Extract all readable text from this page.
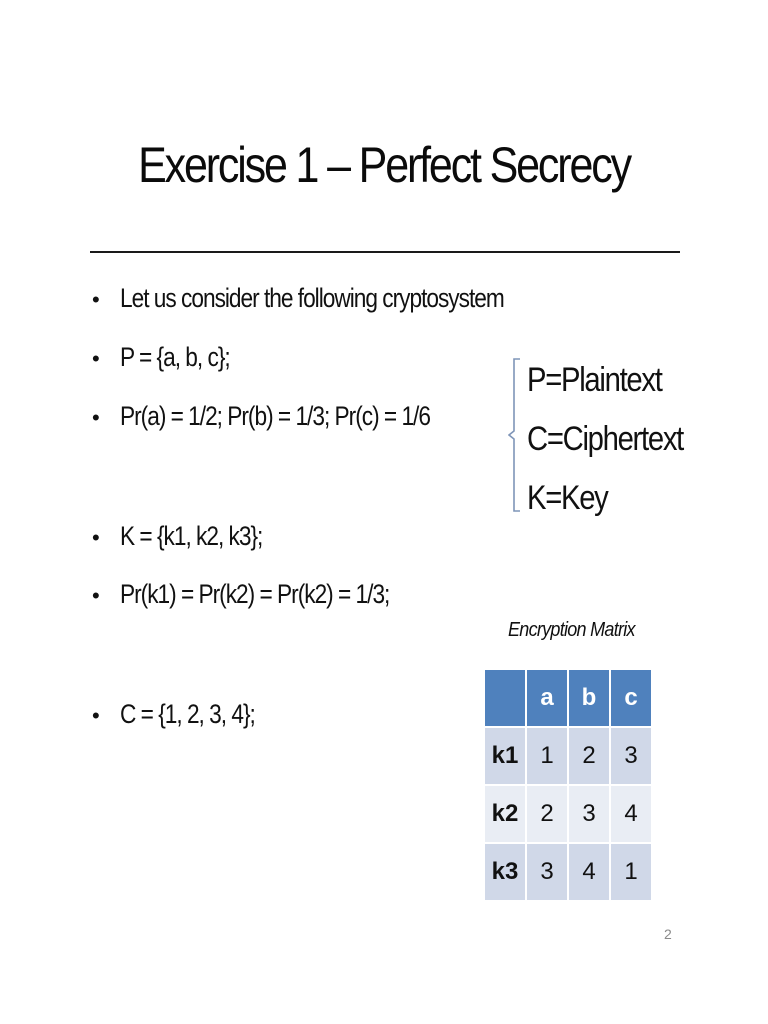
Exercise 1 – Perfect Secrecy
• Let us consider the following cryptosystem
• P = {a, b, c};
• Pr(a) = 1/2; Pr(b) = 1/3; Pr(c) = 1/6
• K = {k1, k2, k3};
• Pr(k1) = Pr(k2) = Pr(k2) = 1/3;
• C = {1, 2, 3, 4};
P=Plaintext
C=Ciphertext
K=Key
Encryption Matrix
	a	b	c
k1	1	2	3
k2	2	3	4
k3	3	4	1
2
